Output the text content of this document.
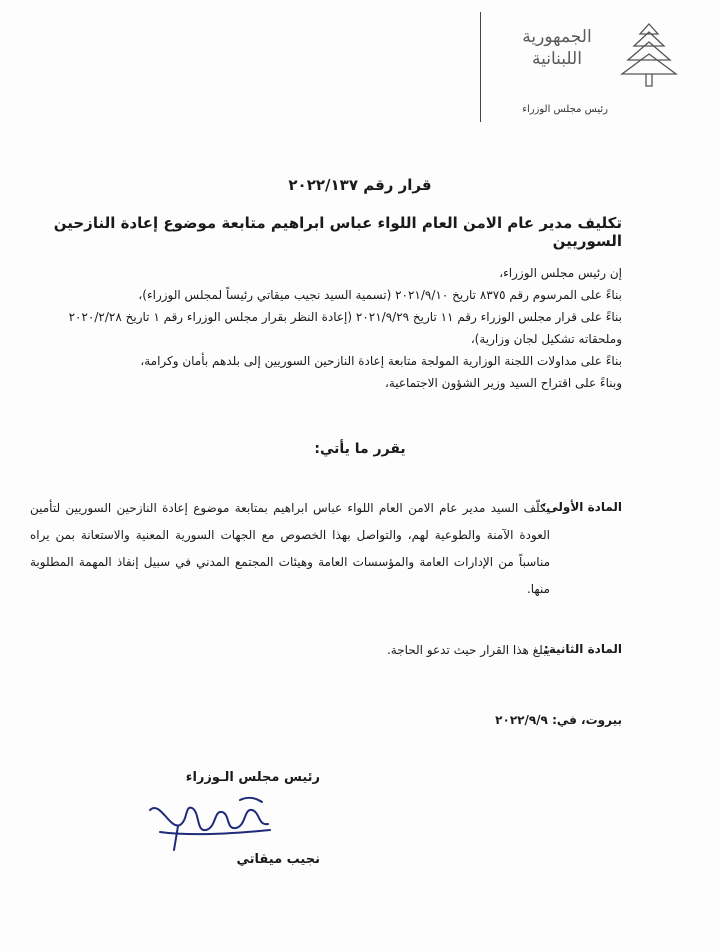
الجمهورية اللبنانية
رئيس مجلس الوزراء
قرار رقم ٢٠٢٢/١٣٧
تكليف مدير عام الامن العام اللواء عباس ابراهيم متابعة موضوع إعادة النازحين السوريين

إن رئيس مجلس الوزراء،

بناءً على المرسوم رقم ٨٣٧٥ تاريخ ٢٠٢١/٩/١٠ (تسمية السيد نجيب ميقاتي رئيساً لمجلس الوزراء)،

بناءً على قرار مجلس الوزراء رقم ١١ تاريخ ٢٠٢١/٩/٢٩ (إعادة النظر بقرار مجلس الوزراء رقم ١ تاريخ ٢٠٢٠/٢/٢٨ وملحقاته تشكيل لجان وزارية)،

بناءً على مداولات اللجنة الوزارية المولجة متابعة إعادة النازحين السوريين إلى بلدهم بأمان وكرامة،

وبناءً على اقتراح السيد وزير الشؤون الاجتماعية،

يقرر ما يأتي:
المادة الأولى:
يكلّف السيد مدير عام الامن العام اللواء عباس ابراهيم بمتابعة موضوع إعادة النازحين السوريين لتأمين العودة الآمنة والطوعية لهم، والتواصل بهذا الخصوص مع الجهات السورية المعنية والاستعانة بمن يراه مناسباً من الإدارات العامة والمؤسسات العامة وهيئات المجتمع المدني في سبيل إنفاذ المهمة المطلوبة منها.
المادة الثانية:
يبلغ هذا القرار حيث تدعو الحاجة.
بيروت، في: ٢٠٢٢/٩/٩
رئيس مجلس الـوزراء
نجيب ميقاتي
